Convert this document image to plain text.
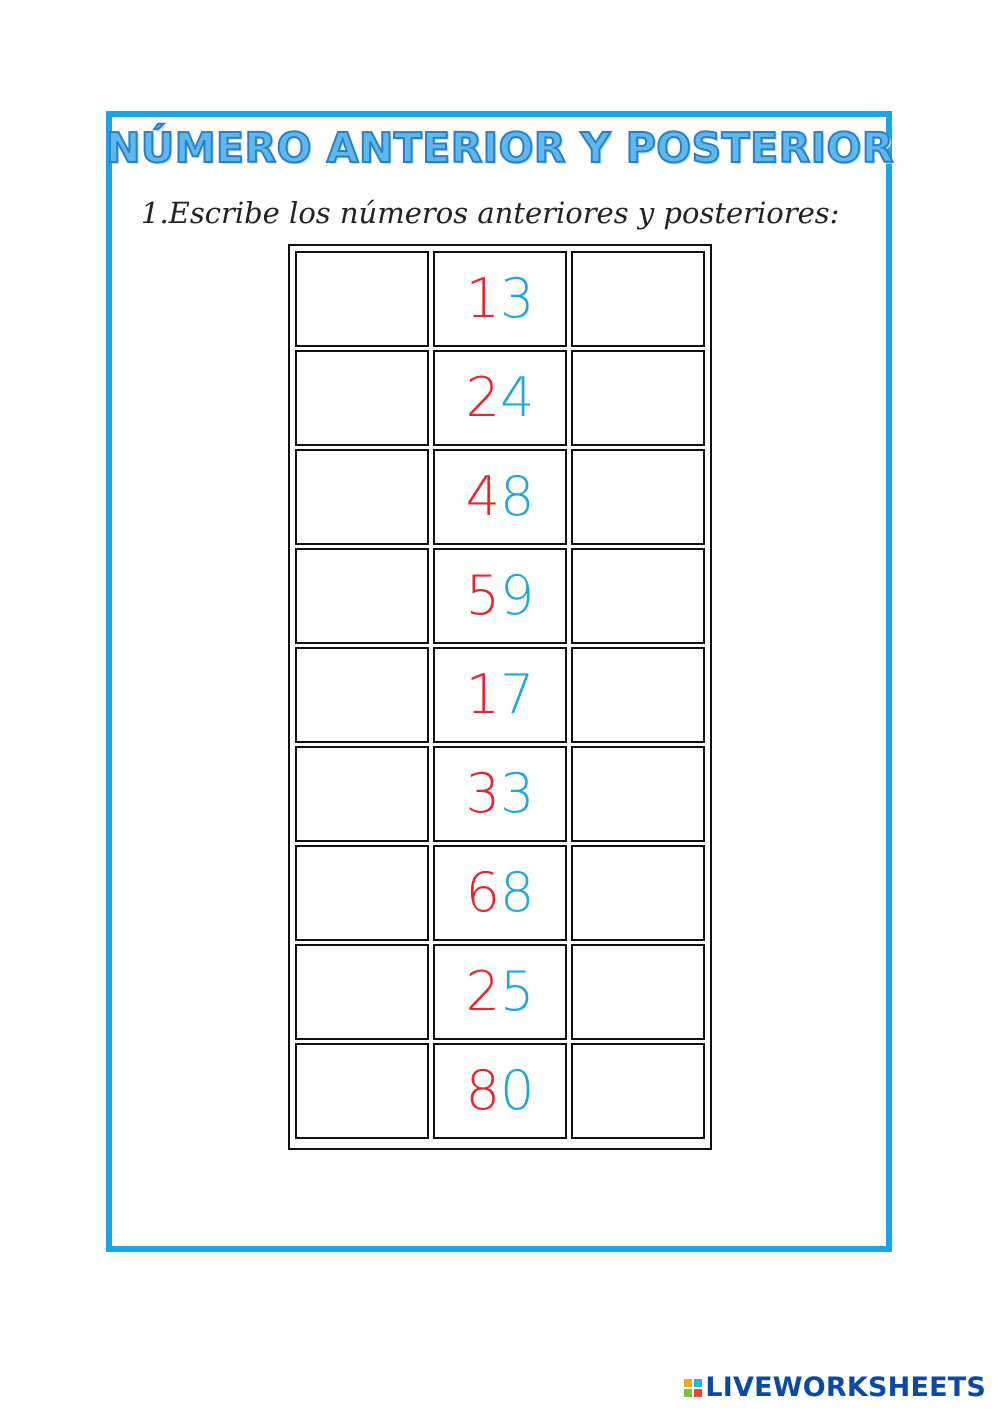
NÚMERO ANTERIOR Y POSTERIOR
1.Escribe los números anteriores y posteriores:
13
24
48
59
17
33
68
25
80
LIVEWORKSHEETS
